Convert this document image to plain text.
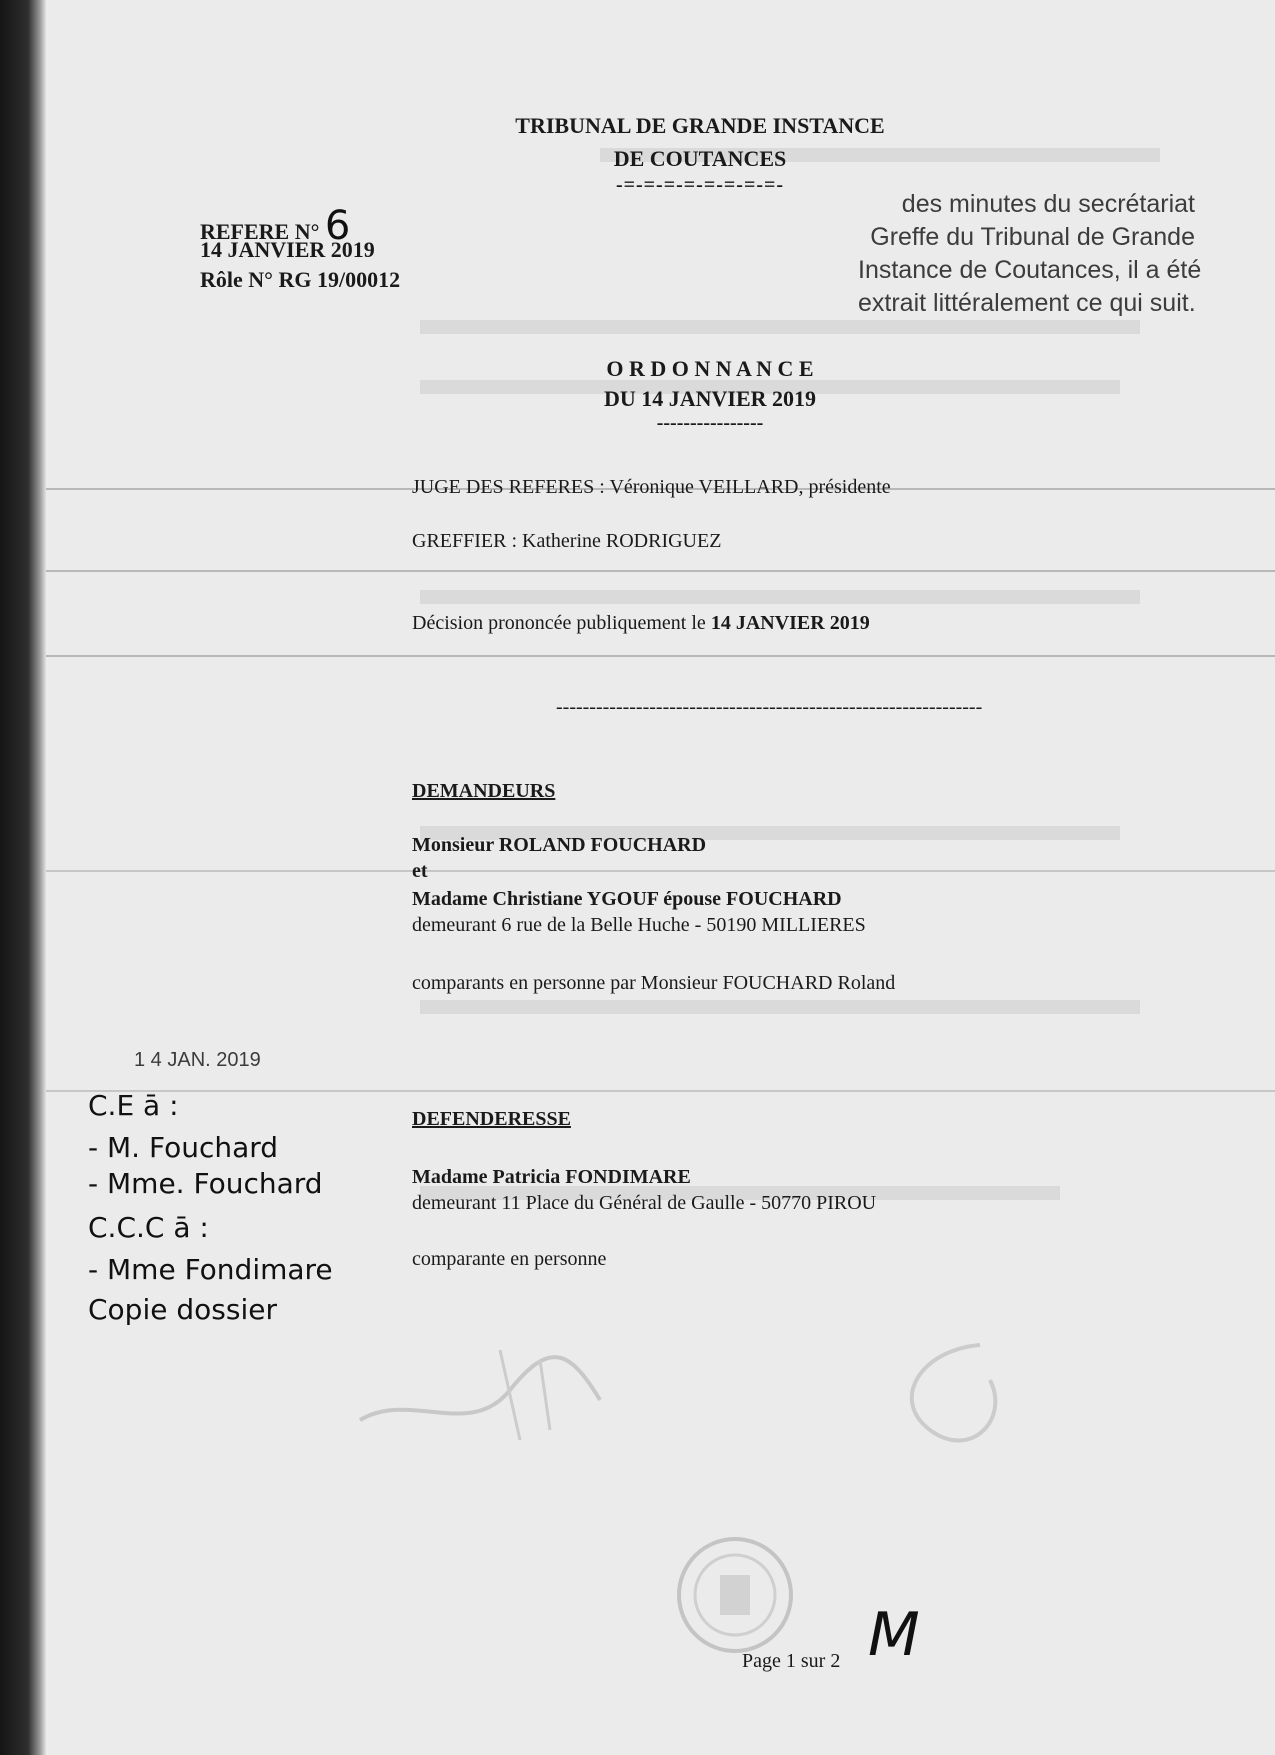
TRIBUNAL DE GRANDE INSTANCE
DE COUTANCES
-=-=-=-=-=-=-=-=-
REFERE N° 6
14 JANVIER 2019
Rôle N° RG 19/00012
des minutes du secrétariat
Greffe du Tribunal de Grande
Instance de Coutances, il a été
extrait littéralement ce qui suit.
O R D O N N A N C E
DU 14 JANVIER 2019
----------------
JUGE DES REFERES : Véronique VEILLARD, présidente
GREFFIER : Katherine RODRIGUEZ
Décision prononcée publiquement le 14 JANVIER 2019
----------------------------------------------------------------
DEMANDEURS
Monsieur ROLAND FOUCHARD
et
Madame Christiane YGOUF épouse FOUCHARD
demeurant 6 rue de la Belle Huche - 50190 MILLIERES
comparants en personne par Monsieur FOUCHARD Roland
DEFENDERESSE
Madame Patricia FONDIMARE
demeurant 11 Place du Général de Gaulle - 50770 PIROU
comparante en personne
1 4 JAN. 2019
C.E ā :
- M. Fouchard
- Mme. Fouchard
C.C.C ā :
- Mme Fondimare
Copie dossier
Page 1 sur 2 M
